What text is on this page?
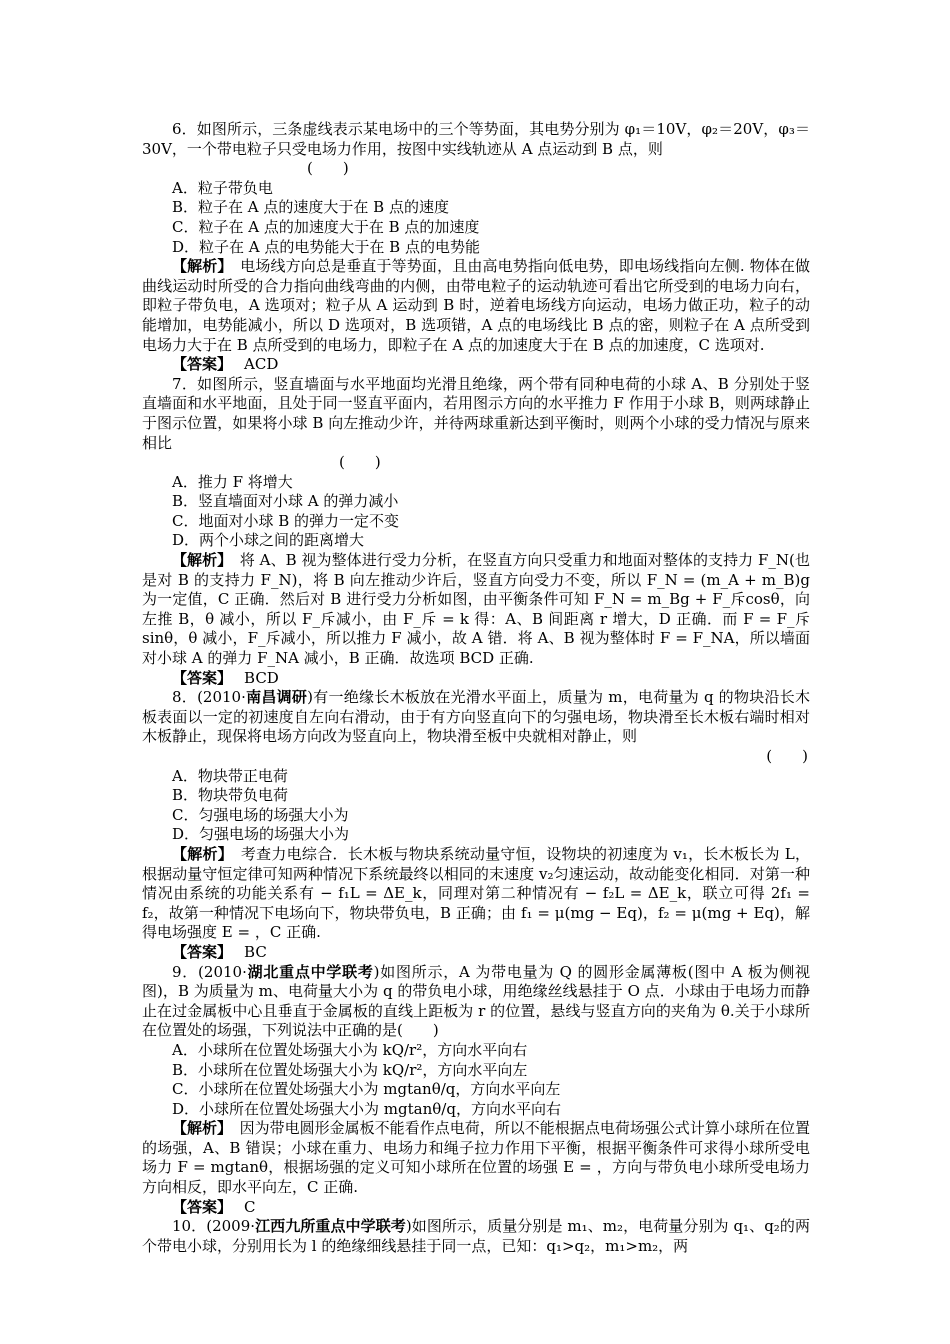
6．如图所示，三条虚线表示某电场中的三个等势面，其电势分别为 φ₁＝10V，φ₂＝20V，φ₃＝30V，一个带电粒子只受电场力作用，按图中实线轨迹从 A 点运动到 B 点，则

(　　)

A．粒子带负电

B．粒子在 A 点的速度大于在 B 点的速度

C．粒子在 A 点的加速度大于在 B 点的加速度

D．粒子在 A 点的电势能大于在 B 点的电势能

【解析】　 电场线方向总是垂直于等势面，且由高电势指向低电势，即电场线指向左侧. 物体在做曲线运动时所受的合力指向曲线弯曲的内侧，由带电粒子的运动轨迹可看出它所受到的电场力向右，即粒子带负电，A 选项对；粒子从 A 运动到 B 时，逆着电场线方向运动，电场力做正功，粒子的动能增加，电势能减小，所以 D 选项对，B 选项错，A 点的电场线比 B 点的密，则粒子在 A 点所受到电场力大于在 B 点所受到的电场力，即粒子在 A 点的加速度大于在 B 点的加速度，C 选项对.

【答案】 ACD

7．如图所示，竖直墙面与水平地面均光滑且绝缘，两个带有同种电荷的小球 A、B 分别处于竖直墙面和水平地面，且处于同一竖直平面内，若用图示方向的水平推力 F 作用于小球 B，则两球静止于图示位置，如果将小球 B 向左推动少许，并待两球重新达到平衡时，则两个小球的受力情况与原来相比

(　　)

A．推力 F 将增大

B．竖直墙面对小球 A 的弹力减小

C．地面对小球 B 的弹力一定不变

D．两个小球之间的距离增大

【解析】　 将 A、B 视为整体进行受力分析，在竖直方向只受重力和地面对整体的支持力 F_N(也是对 B 的支持力 F_N)，将 B 向左推动少许后，竖直方向受力不变，所以 F_N = (m_A + m_B)g 为一定值，C 正确．然后对 B 进行受力分析如图，由平衡条件可知 F_N = m_Bg + F_斥cosθ，向左推 B，θ 减小，所以 F_斥减小，由 F_斥 = k 得：A、B 间距离 r 增大，D 正确．而 F = F_斥sinθ，θ 减小，F_斥减小，所以推力 F 减小，故 A 错．将 A、B 视为整体时 F = F_NA，所以墙面对小球 A 的弹力 F_NA 减小，B 正确．故选项 BCD 正确.

【答案】 BCD

8．(2010·南昌调研)有一绝缘长木板放在光滑水平面上，质量为 m，电荷量为 q 的物块沿长木板表面以一定的初速度自左向右滑动，由于有方向竖直向下的匀强电场，物块滑至长木板右端时相对木板静止，现保将电场方向改为竖直向上，物块滑至板中央就相对静止，则

(　　)

A．物块带正电荷

B．物块带负电荷

C．匀强电场的场强大小为

D．匀强电场的场强大小为

【解析】　 考查力电综合．长木板与物块系统动量守恒，设物块的初速度为 v₁，长木板长为 L，根据动量守恒定律可知两种情况下系统最终以相同的末速度 v₂匀速运动，故动能变化相同．对第一种情况由系统的功能关系有 − f₁L = ΔE_k，同理对第二种情况有 − f₂L = ΔE_k，联立可得 2f₁ = f₂，故第一种情况下电场向下，物块带负电，B 正确；由 f₁ = μ(mg − Eq)，f₂ = μ(mg + Eq)，解得电场强度 E = ，C 正确.

【答案】 BC

9．(2010·湖北重点中学联考)如图所示，A 为带电量为 Q 的圆形金属薄板(图中 A 板为侧视图)，B 为质量为 m、电荷量大小为 q 的带负电小球，用绝缘丝线悬挂于 O 点．小球由于电场力而静止在过金属板中心且垂直于金属板的直线上距板为 r 的位置，悬线与竖直方向的夹角为 θ.关于小球所在位置处的场强，下列说法中正确的是(　　)

A．小球所在位置处场强大小为 kQ/r²，方向水平向右

B．小球所在位置处场强大小为 kQ/r²，方向水平向左

C．小球所在位置处场强大小为 mgtanθ/q，方向水平向左

D．小球所在位置处场强大小为 mgtanθ/q，方向水平向右

【解析】　 因为带电圆形金属板不能看作点电荷，所以不能根据点电荷场强公式计算小球所在位置的场强，A、B 错误；小球在重力、电场力和绳子拉力作用下平衡，根据平衡条件可求得小球所受电场力 F = mgtanθ，根据场强的定义可知小球所在位置的场强 E = ，方向与带负电小球所受电场力方向相反，即水平向左，C 正确.

【答案】 C

10．(2009·江西九所重点中学联考)如图所示，质量分别是 m₁、m₂，电荷量分别为 q₁、q₂的两个带电小球，分别用长为 l 的绝缘细线悬挂于同一点，已知：q₁>q₂，m₁>m₂，两
